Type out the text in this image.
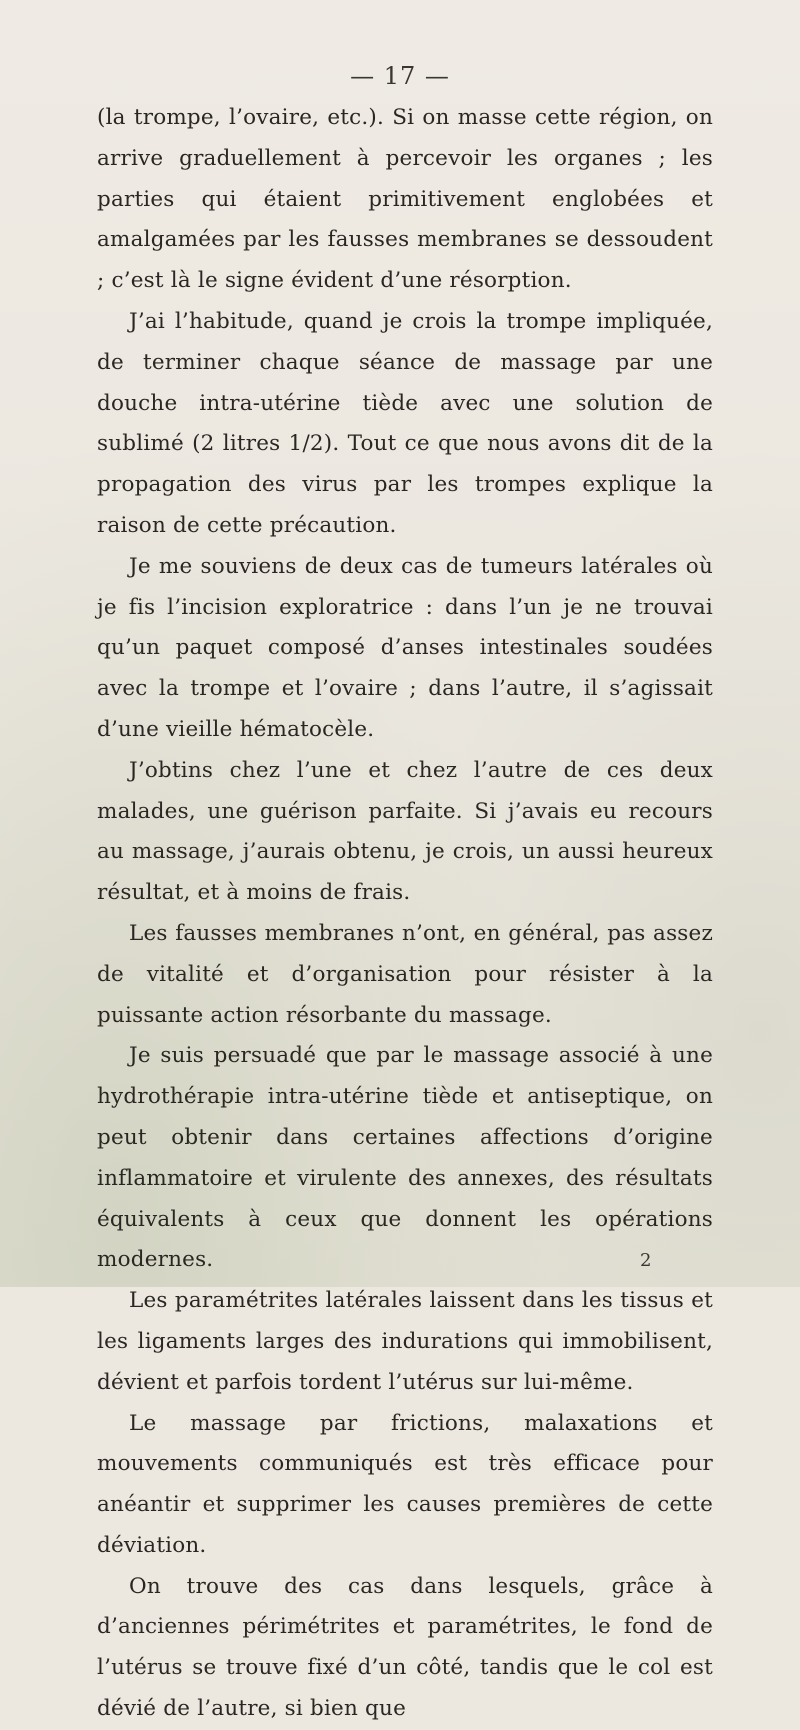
— 17 —

(la trompe, l’ovaire, etc.). Si on masse cette région, on arrive graduellement à percevoir les organes ; les parties qui étaient primitivement englobées et amalgamées par les fausses membranes se dessoudent ; c’est là le signe évident d’une résorption.

J’ai l’habitude, quand je crois la trompe impliquée, de terminer chaque séance de massage par une douche intra-utérine tiède avec une solution de sublimé (2 litres 1/2). Tout ce que nous avons dit de la propagation des virus par les trompes explique la raison de cette précaution.

Je me souviens de deux cas de tumeurs latérales où je fis l’incision exploratrice : dans l’un je ne trouvai qu’un paquet composé d’anses intestinales soudées avec la trompe et l’ovaire ; dans l’autre, il s’agissait d’une vieille hématocèle.

J’obtins chez l’une et chez l’autre de ces deux malades, une guérison parfaite. Si j’avais eu recours au massage, j’aurais obtenu, je crois, un aussi heureux résultat, et à moins de frais.

Les fausses membranes n’ont, en général, pas assez de vitalité et d’organisation pour résister à la puissante action résorbante du massage.

Je suis persuadé que par le massage associé à une hydrothérapie intra-utérine tiède et antiseptique, on peut obtenir dans certaines affections d’origine inflammatoire et virulente des annexes, des résultats équivalents à ceux que donnent les opérations modernes.

Les paramétrites latérales laissent dans les tissus et les ligaments larges des indurations qui immobilisent, dévient et parfois tordent l’utérus sur lui-même.

Le massage par frictions, malaxations et mouvements communiqués est très efficace pour anéantir et supprimer les causes premières de cette déviation.

On trouve des cas dans lesquels, grâce à d’anciennes périmétrites et paramétrites, le fond de l’utérus se trouve fixé d’un côté, tandis que le col est dévié de l’autre, si bien que

2
